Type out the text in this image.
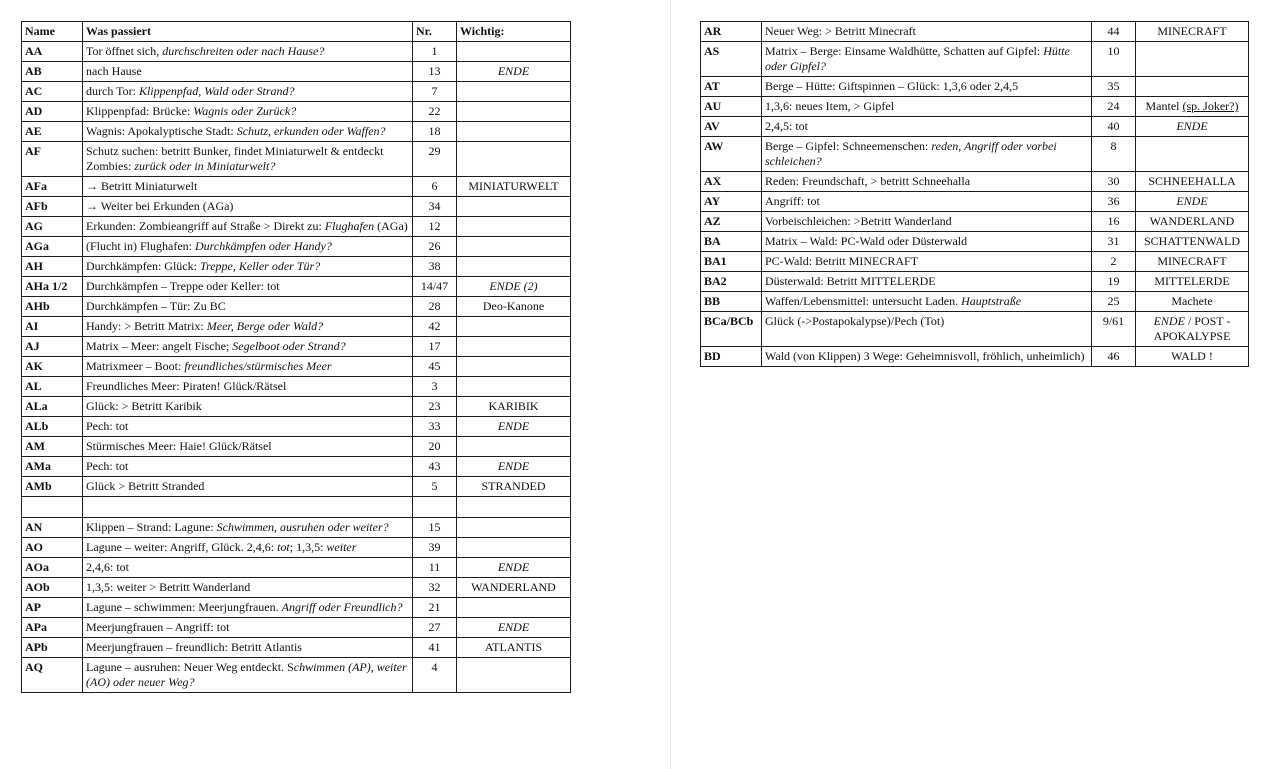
Name	Was passiert	Nr.	Wichtig:
AA	Tor öffnet sich, durchschreiten oder nach Hause?	1	
AB	nach Hause	13	ENDE
AC	durch Tor: Klippenpfad, Wald oder Strand?	7	
AD	Klippenpfad: Brücke: Wagnis oder Zurück?	22	
AE	Wagnis: Apokalyptische Stadt: Schutz, erkunden oder Waffen?	18	
AF	Schutz suchen: betritt Bunker, findet Miniaturwelt & entdeckt Zombies: zurück oder in Miniaturwelt?	29	
AFa	→ Betritt Miniaturwelt	6	MINIATURWELT
AFb	→ Weiter bei Erkunden (AGa)	34	
AG	Erkunden: Zombieangriff auf Straße > Direkt zu: Flughafen (AGa)	12	
AGa	(Flucht in) Flughafen: Durchkämpfen oder Handy?	26	
AH	Durchkämpfen: Glück: Treppe, Keller oder Tür?	38	
AHa 1/2	Durchkämpfen – Treppe oder Keller: tot	14/47	ENDE (2)
AHb	Durchkämpfen – Tür: Zu BC	28	Deo-Kanone
AI	Handy: > Betritt Matrix: Meer, Berge oder Wald?	42	
AJ	Matrix – Meer: angelt Fische; Segelboot oder Strand?	17	
AK	Matrixmeer – Boot: freundliches/stürmisches Meer	45	
AL	Freundliches Meer: Piraten! Glück/Rätsel	3	
ALa	Glück: > Betritt Karibik	23	KARIBIK
ALb	Pech: tot	33	ENDE
AM	Stürmisches Meer: Haie! Glück/Rätsel	20	
AMa	Pech: tot	43	ENDE
AMb	Glück > Betritt Stranded	5	STRANDED

AN	Klippen – Strand: Lagune: Schwimmen, ausruhen oder weiter?	15	
AO	Lagune – weiter: Angriff, Glück. 2,4,6: tot; 1,3,5: weiter	39	
AOa	2,4,6: tot	11	ENDE
AOb	1,3,5: weiter > Betritt Wanderland	32	WANDERLAND
AP	Lagune – schwimmen: Meerjungfrauen. Angriff oder Freundlich?	21	
APa	Meerjungfrauen – Angriff: tot	27	ENDE
APb	Meerjungfrauen – freundlich: Betritt Atlantis	41	ATLANTIS
AQ	Lagune – ausruhen: Neuer Weg entdeckt. Schwimmen (AP), weiter (AO) oder neuer Weg?	4	
AR	Neuer Weg: > Betritt Minecraft	44	MINECRAFT
AS	Matrix – Berge: Einsame Waldhütte, Schatten auf Gipfel: Hütte oder Gipfel?	10	
AT	Berge – Hütte: Giftspinnen – Glück: 1,3,6 oder 2,4,5	35	
AU	1,3,6: neues Item, > Gipfel	24	Mantel (sp. Joker?)
AV	2,4,5: tot	40	ENDE
AW	Berge – Gipfel: Schneemenschen: reden, Angriff oder vorbei schleichen?	8	
AX	Reden: Freundschaft, > betritt Schneehalla	30	SCHNEEHALLA
AY	Angriff: tot	36	ENDE
AZ	Vorbeischleichen: >Betritt Wanderland	16	WANDERLAND
BA	Matrix – Wald: PC-Wald oder Düsterwald	31	SCHATTENWALD
BA1	PC-Wald: Betritt MINECRAFT	2	MINECRAFT
BA2	Düsterwald: Betritt MITTELERDE	19	MITTELERDE
BB	Waffen/Lebensmittel: untersucht Laden. Hauptstraße	25	Machete
BCa/BCb	Glück (->Postapokalypse)/Pech (Tot)	9/61	ENDE / POST - APOKALYPSE
BD	Wald (von Klippen) 3 Wege: Geheimnisvoll, fröhlich, unheimlich)	46	WALD !
